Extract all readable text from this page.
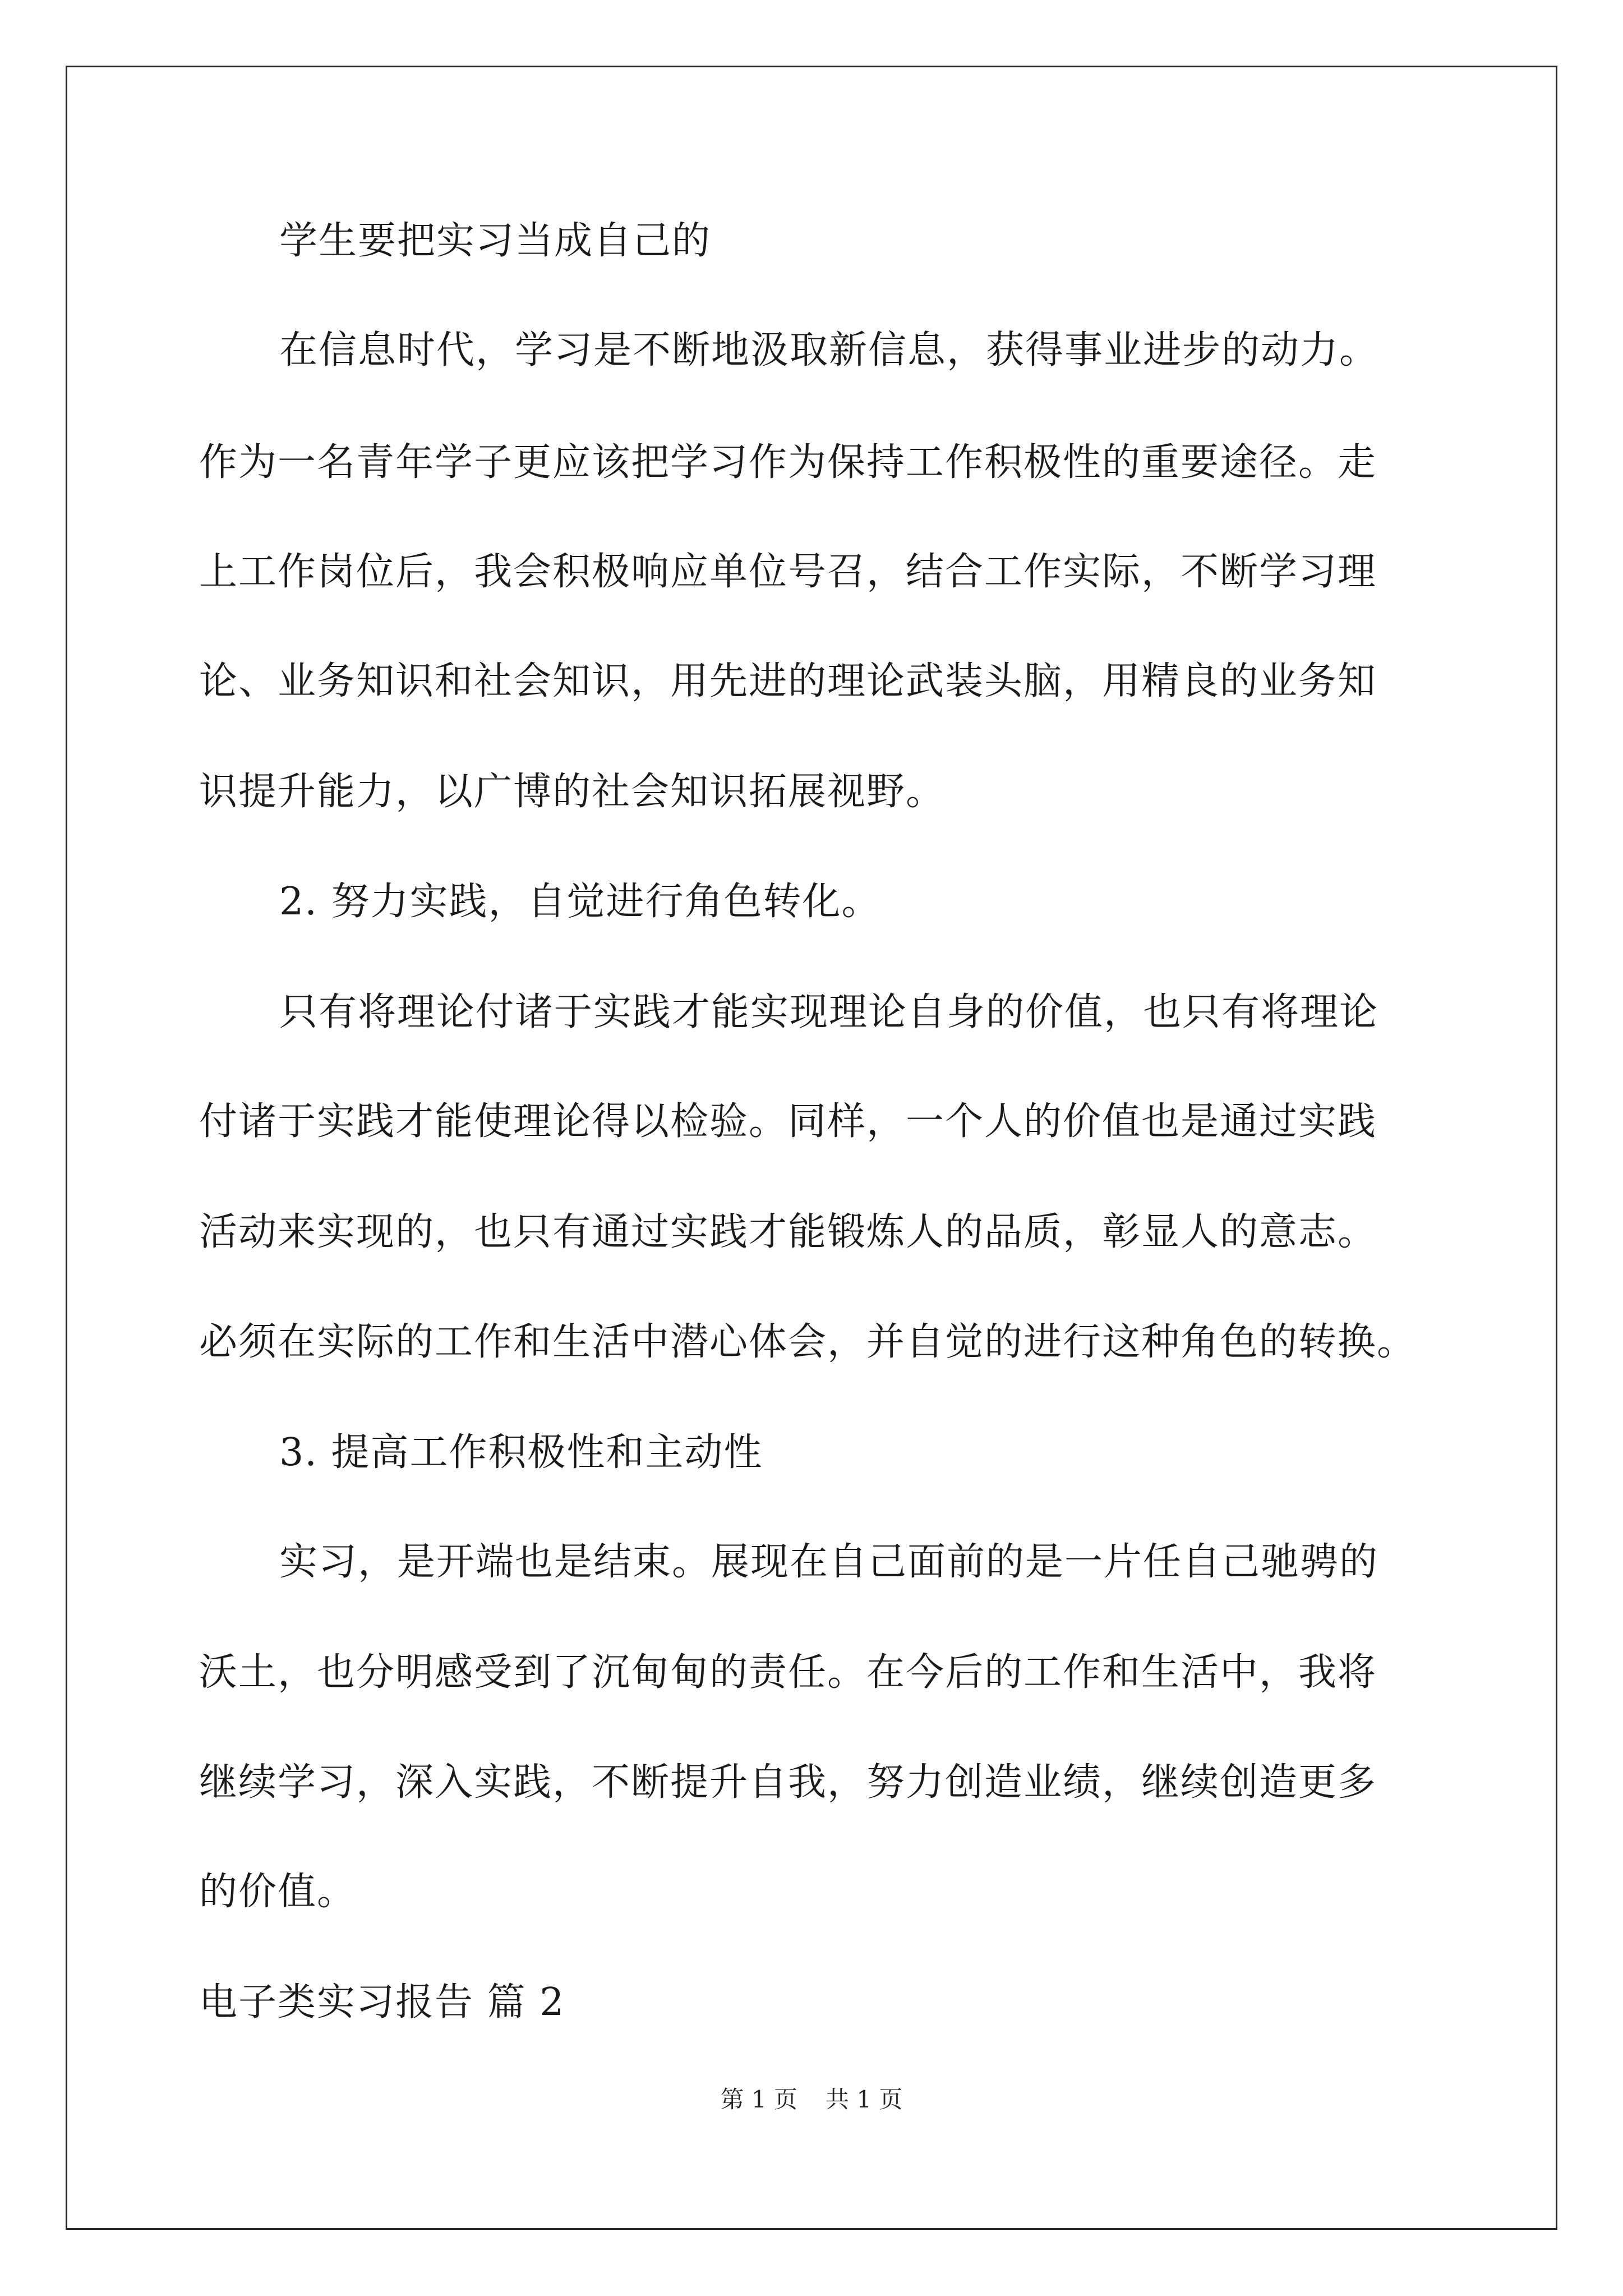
学生要把实习当成自己的
在信息时代，学习是不断地汲取新信息，获得事业进步的动力。
作为一名青年学子更应该把学习作为保持工作积极性的重要途径。走
上工作岗位后，我会积极响应单位号召，结合工作实际，不断学习理
论、业务知识和社会知识，用先进的理论武装头脑，用精良的业务知
识提升能力，以广博的社会知识拓展视野。
2. 努力实践，自觉进行角色转化。
只有将理论付诸于实践才能实现理论自身的价值，也只有将理论
付诸于实践才能使理论得以检验。同样，一个人的价值也是通过实践
活动来实现的，也只有通过实践才能锻炼人的品质，彰显人的意志。
必须在实际的工作和生活中潜心体会，并自觉的进行这种角色的转换。
3. 提高工作积极性和主动性
实习，是开端也是结束。展现在自己面前的是一片任自己驰骋的
沃土，也分明感受到了沉甸甸的责任。在今后的工作和生活中，我将
继续学习，深入实践，不断提升自我，努力创造业绩，继续创造更多
的价值。
电子类实习报告 篇 2
第 1 页 共 1 页
